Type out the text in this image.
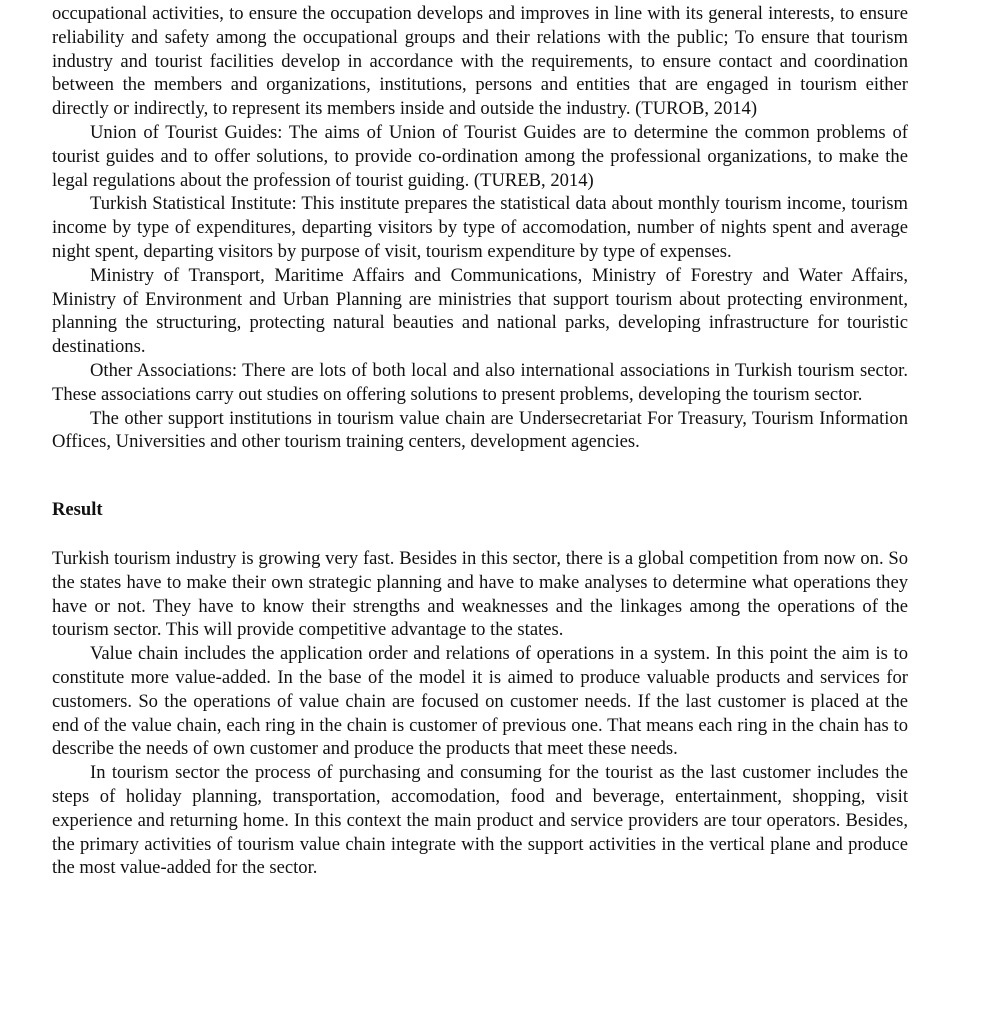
occupational activities, to ensure the occupation develops and improves in line with its general interests, to ensure reliability and safety among the occupational groups and their relations with the public; To ensure that tourism industry and tourist facilities develop in accordance with the requirements, to ensure contact and coordination between the members and organizations, institutions, persons and entities that are engaged in tourism either directly or indirectly, to represent its members inside and outside the industry. (TUROB, 2014)

Union of Tourist Guides: The aims of Union of Tourist Guides are to determine the common problems of tourist guides and to offer solutions, to provide co-ordination among the professional organizations, to make the legal regulations about the profession of tourist guiding. (TUREB, 2014)

Turkish Statistical Institute: This institute prepares the statistical data about monthly tourism income, tourism income by type of expenditures, departing visitors by type of accomodation, number of nights spent and average night spent, departing visitors by purpose of visit, tourism expenditure by type of expenses.

Ministry of Transport, Maritime Affairs and Communications, Ministry of Forestry and Water Affairs, Ministry of Environment and Urban Planning are ministries that support tourism about protecting environment, planning the structuring, protecting natural beauties and national parks, developing infrastructure for touristic destinations.

Other Associations: There are lots of both local and also international associations in Turkish tourism sector. These associations carry out studies on offering solutions to present problems, developing the tourism sector.

The other support institutions in tourism value chain are Undersecretariat For Treasury, Tourism Information Offices, Universities and other tourism training centers, development agencies.

Result

Turkish tourism industry is growing very fast. Besides in this sector, there is a global competition from now on. So the states have to make their own strategic planning and have to make analyses to determine what operations they have or not. They have to know their strengths and weaknesses and the linkages among the operations of the tourism sector. This will provide competitive advantage to the states.

Value chain includes the application order and relations of operations in a system. In this point the aim is to constitute more value-added. In the base of the model it is aimed to produce valuable products and services for customers. So the operations of value chain are focused on customer needs. If the last customer is placed at the end of the value chain, each ring in the chain is customer of previous one. That means each ring in the chain has to describe the needs of own customer and produce the products that meet these needs.

In tourism sector the process of purchasing and consuming for the tourist as the last customer includes the steps of holiday planning, transportation, accomodation, food and beverage, entertainment, shopping, visit experience and returning home. In this context the main product and service providers are tour operators. Besides, the primary activities of tourism value chain integrate with the support activities in the vertical plane and produce the most value-added for the sector.
